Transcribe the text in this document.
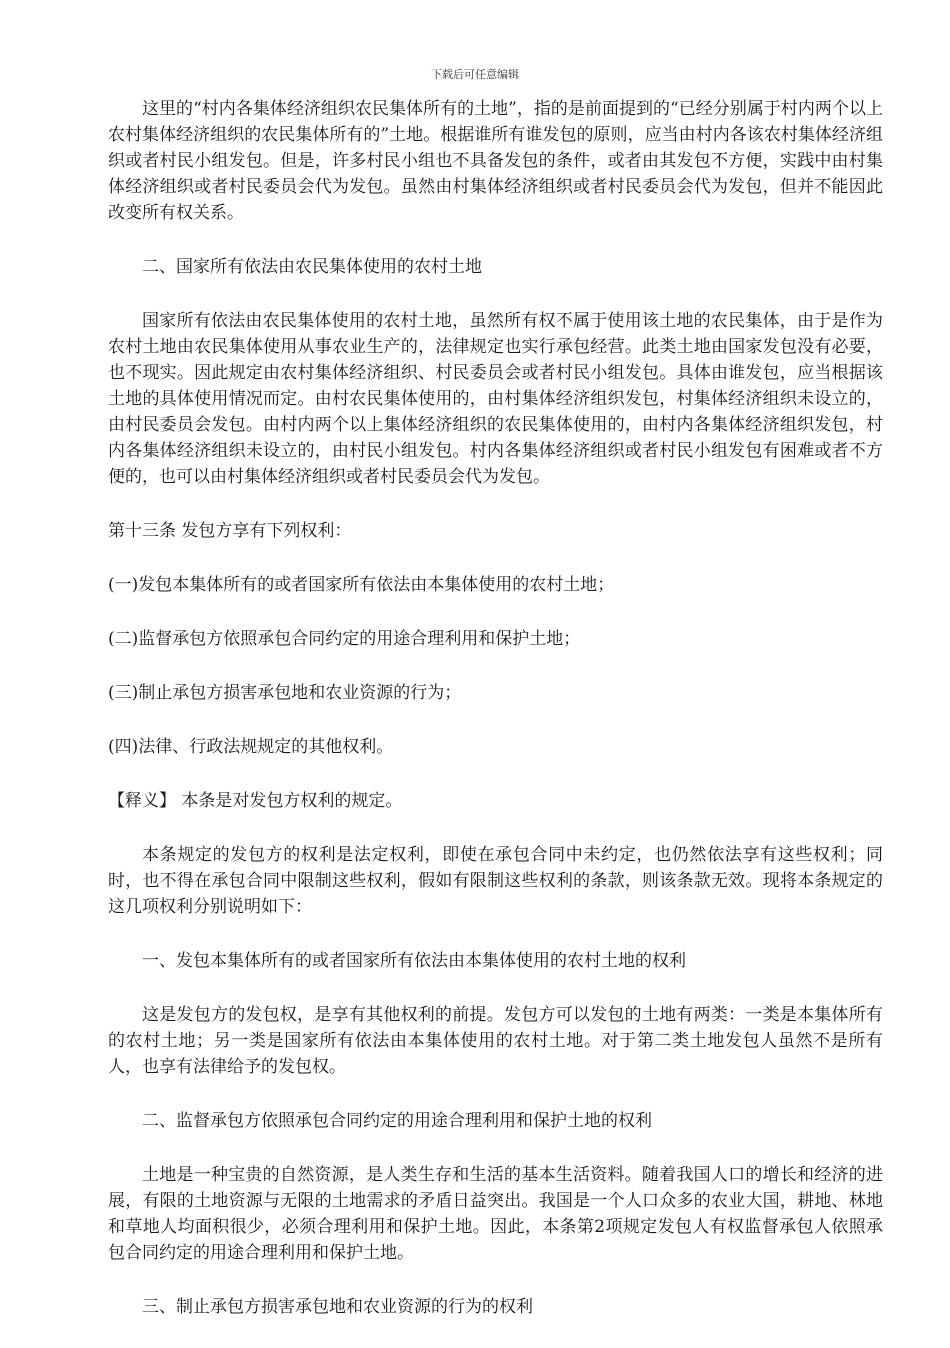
下载后可任意编辑

这里的“村内各集体经济组织农民集体所有的土地”，指的是前面提到的“已经分别属于村内两个以上农村集体经济组织的农民集体所有的”土地。根据谁所有谁发包的原则，应当由村内各该农村集体经济组织或者村民小组发包。但是，许多村民小组也不具备发包的条件，或者由其发包不方便，实践中由村集体经济组织或者村民委员会代为发包。虽然由村集体经济组织或者村民委员会代为发包，但并不能因此改变所有权关系。

二、国家所有依法由农民集体使用的农村土地

国家所有依法由农民集体使用的农村土地，虽然所有权不属于使用该土地的农民集体，由于是作为农村土地由农民集体使用从事农业生产的，法律规定也实行承包经营。此类土地由国家发包没有必要，也不现实。因此规定由农村集体经济组织、村民委员会或者村民小组发包。具体由谁发包，应当根据该土地的具体使用情况而定。由村农民集体使用的，由村集体经济组织发包，村集体经济组织未设立的，由村民委员会发包。由村内两个以上集体经济组织的农民集体使用的，由村内各集体经济组织发包，村内各集体经济组织未设立的，由村民小组发包。村内各集体经济组织或者村民小组发包有困难或者不方便的，也可以由村集体经济组织或者村民委员会代为发包。

第十三条 发包方享有下列权利：

(一)发包本集体所有的或者国家所有依法由本集体使用的农村土地；

(二)监督承包方依照承包合同约定的用途合理利用和保护土地；

(三)制止承包方损害承包地和农业资源的行为；

(四)法律、行政法规规定的其他权利。

【释义】 本条是对发包方权利的规定。

本条规定的发包方的权利是法定权利，即使在承包合同中未约定，也仍然依法享有这些权利；同时，也不得在承包合同中限制这些权利，假如有限制这些权利的条款，则该条款无效。现将本条规定的这几项权利分别说明如下：

一、发包本集体所有的或者国家所有依法由本集体使用的农村土地的权利

这是发包方的发包权，是享有其他权利的前提。发包方可以发包的土地有两类：一类是本集体所有的农村土地；另一类是国家所有依法由本集体使用的农村土地。对于第二类土地发包人虽然不是所有人，也享有法律给予的发包权。

二、监督承包方依照承包合同约定的用途合理利用和保护土地的权利

土地是一种宝贵的自然资源，是人类生存和生活的基本生活资料。随着我国人口的增长和经济的进展，有限的土地资源与无限的土地需求的矛盾日益突出。我国是一个人口众多的农业大国，耕地、林地和草地人均面积很少，必须合理利用和保护土地。因此，本条第2项规定发包人有权监督承包人依照承包合同约定的用途合理利用和保护土地。

三、制止承包方损害承包地和农业资源的行为的权利
